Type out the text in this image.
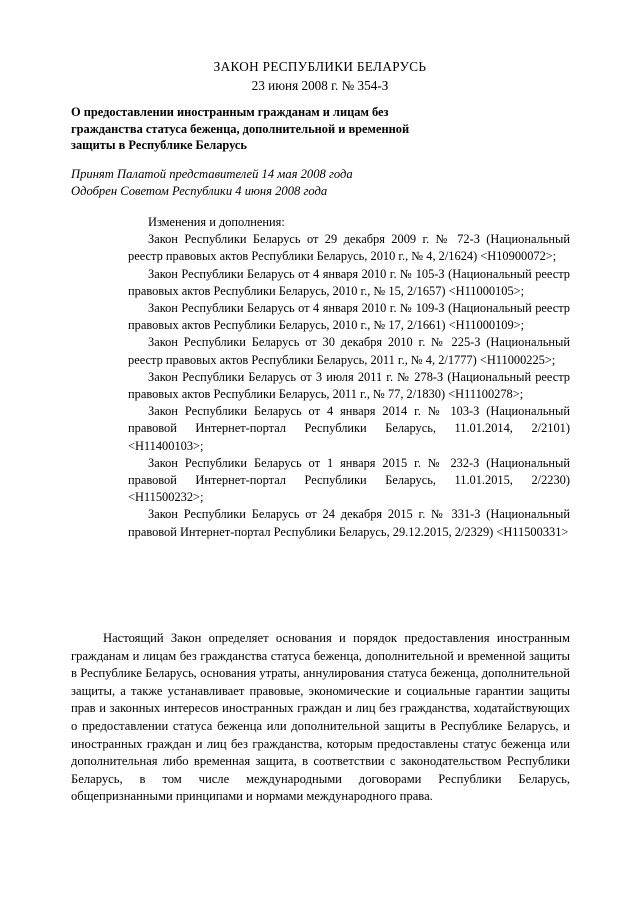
ЗАКОН РЕСПУБЛИКИ БЕЛАРУСЬ
23 июня 2008 г. № 354-З
О предоставлении иностранным гражданам и лицам без
гражданства статуса беженца, дополнительной и временной
защиты в Республике Беларусь
Принят Палатой представителей 14 мая 2008 года
Одобрен Советом Республики 4 июня 2008 года
Изменения и дополнения:

Закон Республики Беларусь от 29 декабря 2009 г. № 72-З (Национальный реестр правовых актов Республики Беларусь, 2010 г., № 4, 2/1624) <H10900072>;

Закон Республики Беларусь от 4 января 2010 г. № 105-З (Национальный реестр правовых актов Республики Беларусь, 2010 г., № 15, 2/1657) <H11000105>;

Закон Республики Беларусь от 4 января 2010 г. № 109-З (Национальный реестр правовых актов Республики Беларусь, 2010 г., № 17, 2/1661) <H11000109>;

Закон Республики Беларусь от 30 декабря 2010 г. № 225-З (Национальный реестр правовых актов Республики Беларусь, 2011 г., № 4, 2/1777) <H11000225>;

Закон Республики Беларусь от 3 июля 2011 г. № 278-З (Национальный реестр правовых актов Республики Беларусь, 2011 г., № 77, 2/1830) <H11100278>;

Закон Республики Беларусь от 4 января 2014 г. № 103-З (Национальный правовой Интернет-портал Республики Беларусь, 11.01.2014, 2/2101) <H11400103>;

Закон Республики Беларусь от 1 января 2015 г. № 232-З (Национальный правовой Интернет-портал Республики Беларусь, 11.01.2015, 2/2230) <H11500232>;

Закон Республики Беларусь от 24 декабря 2015 г. № 331-З (Национальный правовой Интернет-портал Республики Беларусь, 29.12.2015, 2/2329) <H11500331>

Настоящий Закон определяет основания и порядок предоставления иностранным гражданам и лицам без гражданства статуса беженца, дополнительной и временной защиты в Республике Беларусь, основания утраты, аннулирования статуса беженца, дополнительной защиты, а также устанавливает правовые, экономические и социальные гарантии защиты прав и законных интересов иностранных граждан и лиц без гражданства, ходатайствующих о предоставлении статуса беженца или дополнительной защиты в Республике Беларусь, и иностранных граждан и лиц без гражданства, которым предоставлены статус беженца или дополнительная либо временная защита, в соответствии с законодательством Республики Беларусь, в том числе международными договорами Республики Беларусь, общепризнанными принципами и нормами международного права.
